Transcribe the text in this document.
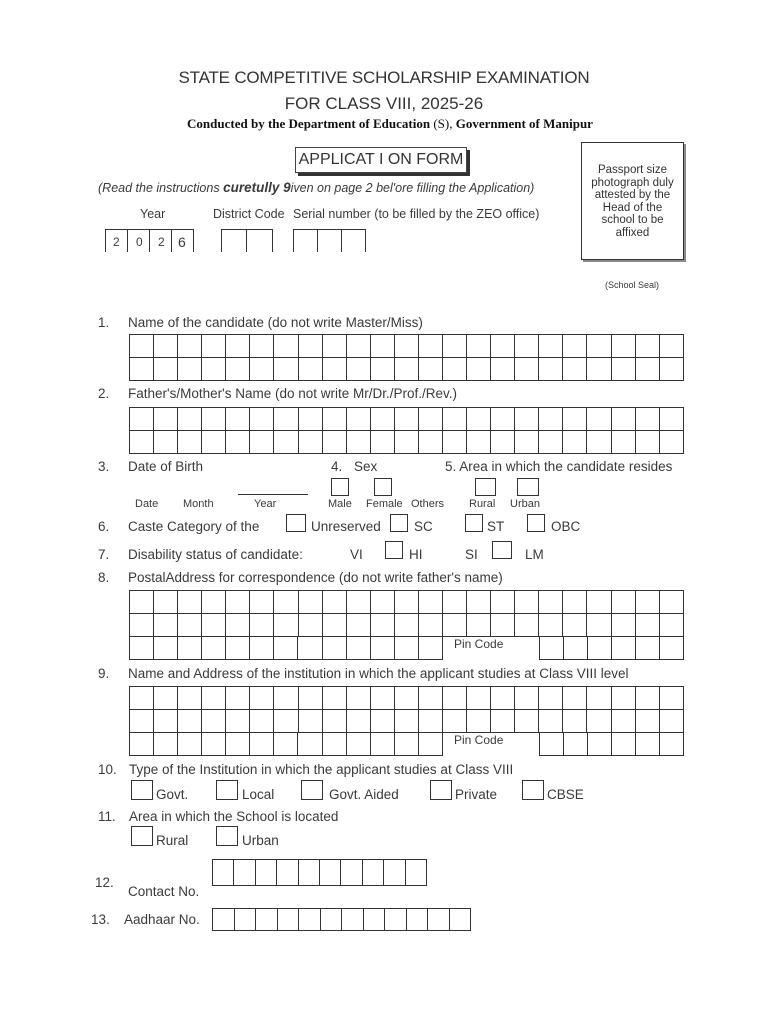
STATE COMPETITIVE SCHOLARSHIP EXAMINATION
FOR CLASS VIII, 2025-26
Conducted by the Department of Education (S), Government of Manipur
APPLICAT I ON FORM
(Read the instructions curetully 9iven on page 2 bel'ore filling the Application)
Passport size photograph duly attested by the Head of the school to be affixed
(School Seal)
Year	District Code Serial number (to be filled by the ZEO office)
2 0 2 6
1. Name of the candidate (do not write Master/Miss)

2. Father's/Mother's Name (do not write Mr/Dr./Prof./Rev.)

3. Date of Birth	4. Sex	5. Area in which the candidate resides
Date Month	Year	Male Female Others Rural Urban
6. Caste Category of the	Unreserved SC	ST	OBC
7. Disability status of candidate:	VI	HI	SI	LM
8. PostalAddress for correspondence (do not write father's name)

Pin Code

9. Name and Address of the institution in which the applicant studies at Class VIII level

Pin Code

10. Type of the Institution in which the applicant studies at Class VIII
Govt.	Local	Govt. Aided	Private	CBSE
11. Area in which the School is located
Rural	Urban
12.
Contact No.

13. Aadhaar No.
